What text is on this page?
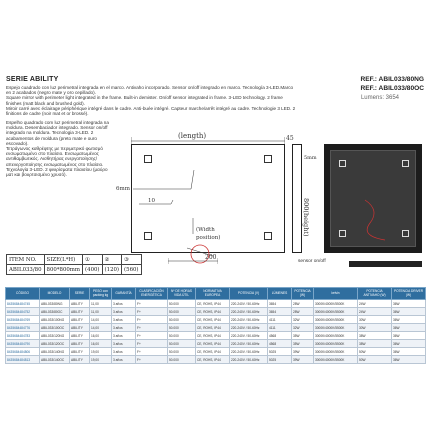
SERIE ABILITY	REF.: ABIL033/80NG
REF.: ABIL033/80OC
Lumens: 3654

Espejo cuadrado con luz perimetral integrada en el marco. Antivaho incorporado. Sensor on/off integrado en marco. Tecnología 3-LED.Marco en 2 acabados (negro mate y oro cepillado).

Square mirror with perimeter light integrated in the frame. Built-in demister. On/off sensor integrated in frame. 3-LED technology. 2 frame finishes (matt black and brushed gold).

Miroir carré avec éclairage périphérique intégré dans le cadre. Anti-buée intégré. Capteur marche/arrêt intégré au cadre. Technologie 3 LED. 2 finitions de cadre (noir mat et or brossé).

Espelho quadrado com luz perimetral integrada na moldura. Desembaciador integrado. Sensor on/off integrado na moldura. Tecnologia 3-LED. 2 acabamentos de moldura (preto mate e ouro escovado).

Τετράγωνος καθρέφτης με περιμετρικό φωτισμό ενσωματωμένο στο πλαίσιο. Ενσωματωμένος αντιθαμβωτικός. Αισθητήρας ενεργοποίησης/απενεργοποίησης ενσωματωμένος στο πλαίσιο. Τεχνολογία 3-LED. 2 φινιρίσματα πλαισίου (μαύρο ματ και βουρτσισμένο χρυσό).

(length)
6mm
10
(Width
position)
200
45
5mm
800(height)
sensor on/off
ITEM NO.	SIZE(L*H)	①	②	③
ABIL033/80	800*800mm	(400)	(120)	(560)
CÓDIGO	MODELO	SERIE	PESO con packing kg	GARANTÍA	CLASIFICACIÓN ENERGÉTICA	Nº DE HORAS VIDA ÚTIL	NORMATIVA EUROPEA	POTENCIA (V)	LÚMENES	POTENCIA (W)	kelvin	POTENCIA ANTIVAHO (W)	POTENCIA DRIVER (W)
8435684484745	ABIL033/80NG	ABILITY	11,00	3 años	F+	50.000	CE, ROHS, IP44	220-240V / 50-60Hz	3654	28W	3000K/4000K/5500K	24W	36W
8435684484752	ABIL033/80OC	ABILITY	11,00	3 años	F+	50.000	CE, ROHS, IP44	220-240V / 50-60Hz	3654	28W	3000K/4000K/5500K	24W	36W
8435684484769	ABIL033/100NG	ABILITY	14,00	3 años	F+	50.000	CE, ROHS, IP44	220-240V / 50-60Hz	4111	32W	3000K/4000K/5500K	30W	36W
8435684484776	ABIL033/100OC	ABILITY	14,00	3 años	F+	50.000	CE, ROHS, IP44	220-240V / 50-60Hz	4111	32W	3000K/4000K/5500K	30W	36W
8435684484783	ABIL033/120NG	ABILITY	16,00	3 años	F+	50.000	CE, ROHS, IP44	220-240V / 50-60Hz	4568	35W	3000K/4000K/5500K	38W	36W
8435684484790	ABIL033/120OC	ABILITY	16,00	3 años	F+	50.000	CE, ROHS, IP44	220-240V / 50-60Hz	4568	35W	3000K/4000K/5500K	38W	36W
8435684484806	ABIL033/140NG	ABILITY	19,00	3 años	F+	50.000	CE, ROHS, IP44	220-240V / 50-60Hz	5025	39W	3000K/4000K/5500K	50W	36W
8435684484813	ABIL033/140OC	ABILITY	19,00	3 años	F+	50.000	CE, ROHS, IP44	220-240V / 50-60Hz	5025	39W	3000K/4000K/5500K	50W	36W
